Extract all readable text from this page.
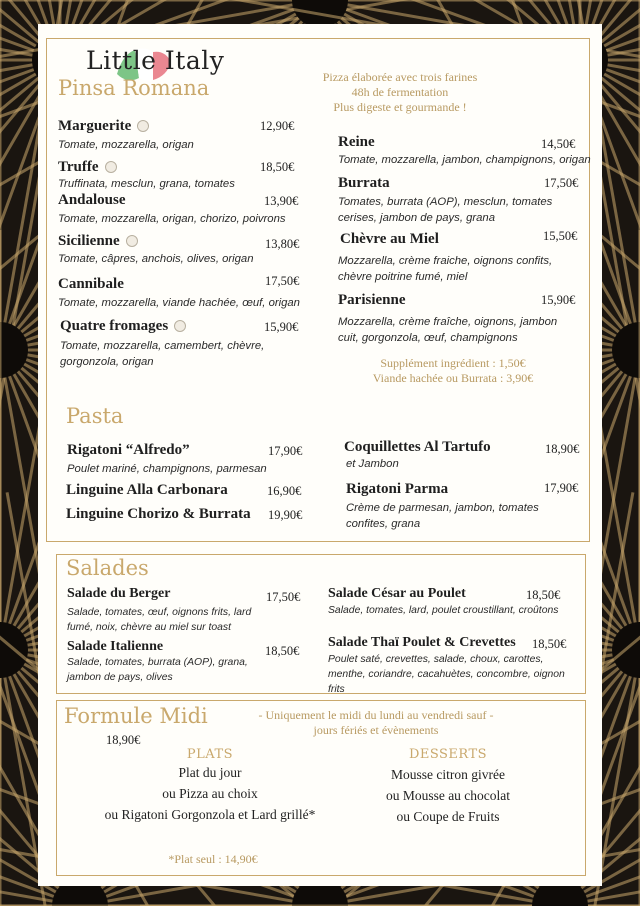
Little Italy
Pinsa Romana	Pizza élaborée avec trois farines
48h de fermentation
Plus digeste et gourmande !
Marguerite	12,90€
Tomate, mozzarella, origan
Truffe	18,50€
Truffinata, mesclun, grana, tomates
Andalouse	13,90€
Tomate, mozzarella, origan, chorizo, poivrons
Sicilienne	13,80€
Tomate, câpres, anchois, olives, origan
Cannibale	17,50€
Tomate, mozzarella, viande hachée, œuf, origan
Quatre fromages	15,90€
Tomate, mozzarella, camembert, chèvre, gorgonzola, origan
Reine	14,50€
Tomate, mozzarella, jambon, champignons, origan
Burrata	17,50€
Tomates, burrata (AOP), mesclun, tomates cerises, jambon de pays, grana
Chèvre au Miel	15,50€
Mozzarella, crème fraiche, oignons confits, chèvre poitrine fumé, miel
Parisienne	15,90€
Mozzarella, crème fraîche, oignons, jambon cuit, gorgonzola, œuf, champignons
Supplément ingrédient : 1,50€
Viande hachée ou Burrata : 3,90€
Pasta
Rigatoni “Alfredo”	17,90€
Poulet mariné, champignons, parmesan
Linguine Alla Carbonara	16,90€
Linguine Chorizo & Burrata 19,90€
Coquillettes Al Tartufo	18,90€
et Jambon
Rigatoni Parma	17,90€
Crème de parmesan, jambon, tomates confites, grana
Salades
Salade du Berger	17,50€
Salade, tomates, œuf, oignons frits, lard fumé, noix, chèvre au miel sur toast
Salade Italienne	18,50€
Salade, tomates, burrata (AOP), grana, jambon de pays, olives
Salade César au Poulet	18,50€
Salade, tomates, lard, poulet croustillant, croûtons
Salade Thaï Poulet & Crevettes 18,50€
Poulet saté, crevettes, salade, choux, carottes, menthe, coriandre, cacahuètes, concombre, oignon frits
Formule Midi
18,90€
- Uniquement le midi du lundi au vendredi sauf -
jours fériés et évènements
PLATS
Plat du jour
ou Pizza au choix
ou Rigatoni Gorgonzola et Lard grillé*
DESSERTS
Mousse citron givrée
ou Mousse au chocolat
ou Coupe de Fruits
*Plat seul : 14,90€
